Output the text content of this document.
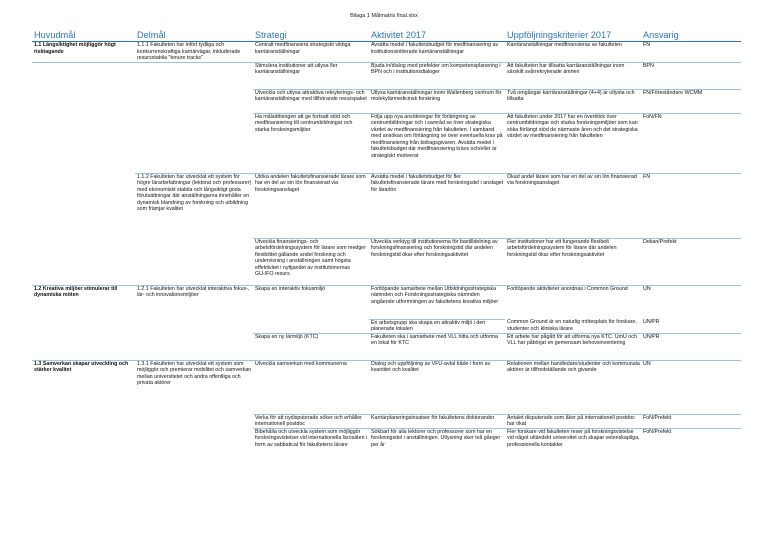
Bilaga 1 Målmatris final.xlsx
Huvudmål	Delmål	Strategi	Aktivitet 2017	Uppföljningskriterier 2017	Ansvarig
1.1 Långsiktighet möjliggör högt risktagande	1.1.1 Fakulteten har infört tydliga och konkurrenskraftiga karriärvägar, inkluderade resursstabila "tenure tracks"	Centralt medfinansiera strategiskt viktiga karriäranställningar	Avsätta medel i fakultetsbudget för medfinansiering av institutionsinitierade karriäranställningar	Karriäranställningar medfinansieras av fakulteten	FN
		Stimulera institutioner att utlysa fler karriäranställningar	Bjuda in/dialog med prefekter om kompetensplanering i BPN och i institutionsdialoger	Att fakulteten har tillsatta karriäranställningar inom särskilt svårrekryterade ämnen	BPN
		Utveckla och utlysa attraktiva rekryterings- och karriäranställningar med tillhörande resurspaket	Utlysa karriäranställningar inom Wallenberg centrum för molekylärmedicinsk forskning	Två omgångar karriäranställningar (4+4) är utlysta och tillsatta	FN/Föreståndare WCMM
		Ha målsättningen att ge fortsatt stöd och medfinansiering till centrumbildningar och starka forskningsmiljöer	Följa upp nya ansökningar för förlängning av centrumbildningar och i samråd se över strategiska värdet av medfinansiering från fakulteten. I samband med ansökan om förlängning se över eventuella krav på medfinansiering från bidragsgivaren. Avsätta medel i fakultetsbudget där medfinansiering krävs och/eller är strategiskt motiverat	Att fakulteten under 2017 har en överblick över centrumbildningar och starka forskningsmiljöer som kan söka förlängt stöd de närmaste åren och det strategiska värdet av medfinansiering från fakulteten	FoN/FN
	1.1.2 Fakulteten har utvecklat ett system för högre lärarbefattningar (lektorat och professurer) med ekonomiskt stabila och långsiktigt goda förutsättningar där anställningarna innehåller en dynamisk blandning av forskning och utbildning som främjar kvalitet	Utöka andelen fakultetsfinansierade lärare som har en del av sin lön finansierad via forskningsanslaget	Avsätta medel i fakultetsbudget för fler fakultetsfinansierade lärare med forskningsdel i anslaget för lärarlön	Ökad andel lärare som har en del av sin lön finansierad via forskningsanslaget	FN
		Utveckla finansierings- och arbetsfördelningssystem för lärare som medger flexibilitet gällande andel forskning och undervisning i anställningen samt högsta effektivitet i nyttjandet av institutionernas GU-/FO resurs	Utveckla verktyg till institutionerna för bastilldelning av forskningsfinansiering och forskningstid där andelen forskningstid ökar efter forskningsaktivitet	Fler institutioner har ett fungerande flexibelt arbetsfördelningssystem för lärare där andelen forskningstid ökar efter forskningsaktivitet	Dekan/Prefekt
1.2 Kreativa miljöer stimulerar till dynamiska möten	1.2.1 Fakulteten har utvecklat interaktiva fokus-, lär- och innovationsmiljöer	Skapa en interaktiv fokusmiljö	Fortlöpande samarbete mellan Utbildningsstrategiska nämnden och Forskningsstrategiska nämnden angående utformningen av fakultetens kreativa miljöer	Fortlöpande aktiviteter anordnas i Common Ground	UN
			En arbetsgrupp ska skapa en attraktiv miljö i den planerade lokalen	Common Ground är en naturlig mötesplats för forskare, studenter och kliniska lärare	UN/PR
		Skapa en ny lärmiljö (KTC)	Fakulteten ska i samarbete med VLL hitta och utforma en lokal för KTC	Ett arbete har pågått för att utforma nya KTC. UmU och VLL har påbörjat en gemensam behovsinventering	UN/PR
1.3 Samverkan skapar utveckling och stärker kvalitet	1.3.1 Fakulteten har utvecklat ett system som möjliggör och premierar mobilitet och samverkan mellan universitetet och andra offentliga och privata aktörer	Utveckla samverkan med kommunerna	Dialog och uppföljning av VFU-avtal både i form av kvantitet och kvalitet	Relationen mellan handledare/studenter och kommunala aktörer är tillfredställande och givande	UN
		Verka för att nydisputerade söker och erhåller internationell postdoc	Karriärplaneringsinsatser för fakultetens doktorander	Antalet disputerade som åker på internationell postdoc har ökat	FoN/Prefekt
		Bibehålla och utveckla system som möjliggör forskningsvistelser vid internationella lärosäten i form av sabbatical för fakultetens lärare	Sökbart för alla lektorer och professorer som har en forskningsdel i anställningen. Utlysning sker två gånger per år	Fler forskare vid fakulteten reser på forskningsvistelse vid något utländskt universitet och skapar vetenskapliga, professionella kontakter	FoN/Prefekt
